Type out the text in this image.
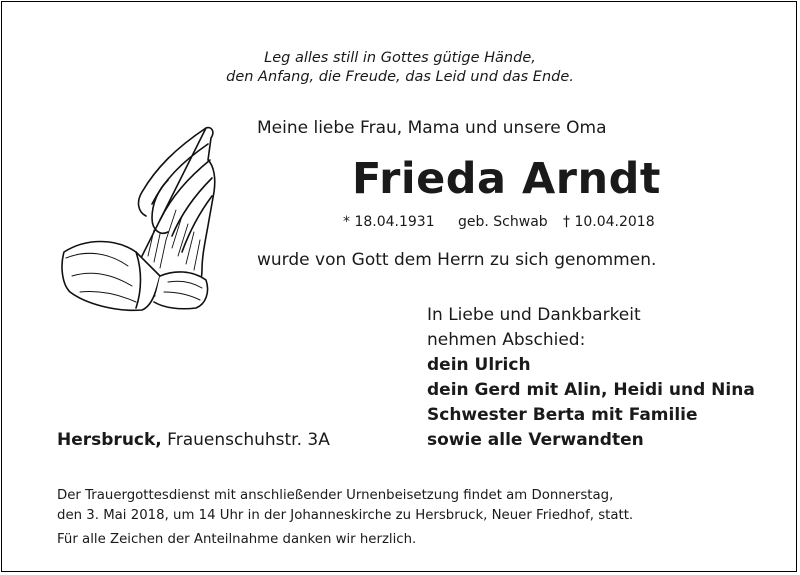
Leg alles still in Gottes gütige Hände,
den Anfang, die Freude, das Leid und das Ende.
Meine liebe Frau, Mama und unsere Oma
Frieda Arndt
* 18.04.1931 geb. Schwab † 10.04.2018
wurde von Gott dem Herrn zu sich genommen.
In Liebe und Dankbarkeit
nehmen Abschied:
dein Ulrich
dein Gerd mit Alin, Heidi und Nina
Schwester Berta mit Familie
sowie alle Verwandten
Hersbruck, Frauenschuhstr. 3A
Der Trauergottesdienst mit anschließender Urnenbeisetzung findet am Donnerstag,
den 3. Mai 2018, um 14 Uhr in der Johanneskirche zu Hersbruck, Neuer Friedhof, statt.
Für alle Zeichen der Anteilnahme danken wir herzlich.
